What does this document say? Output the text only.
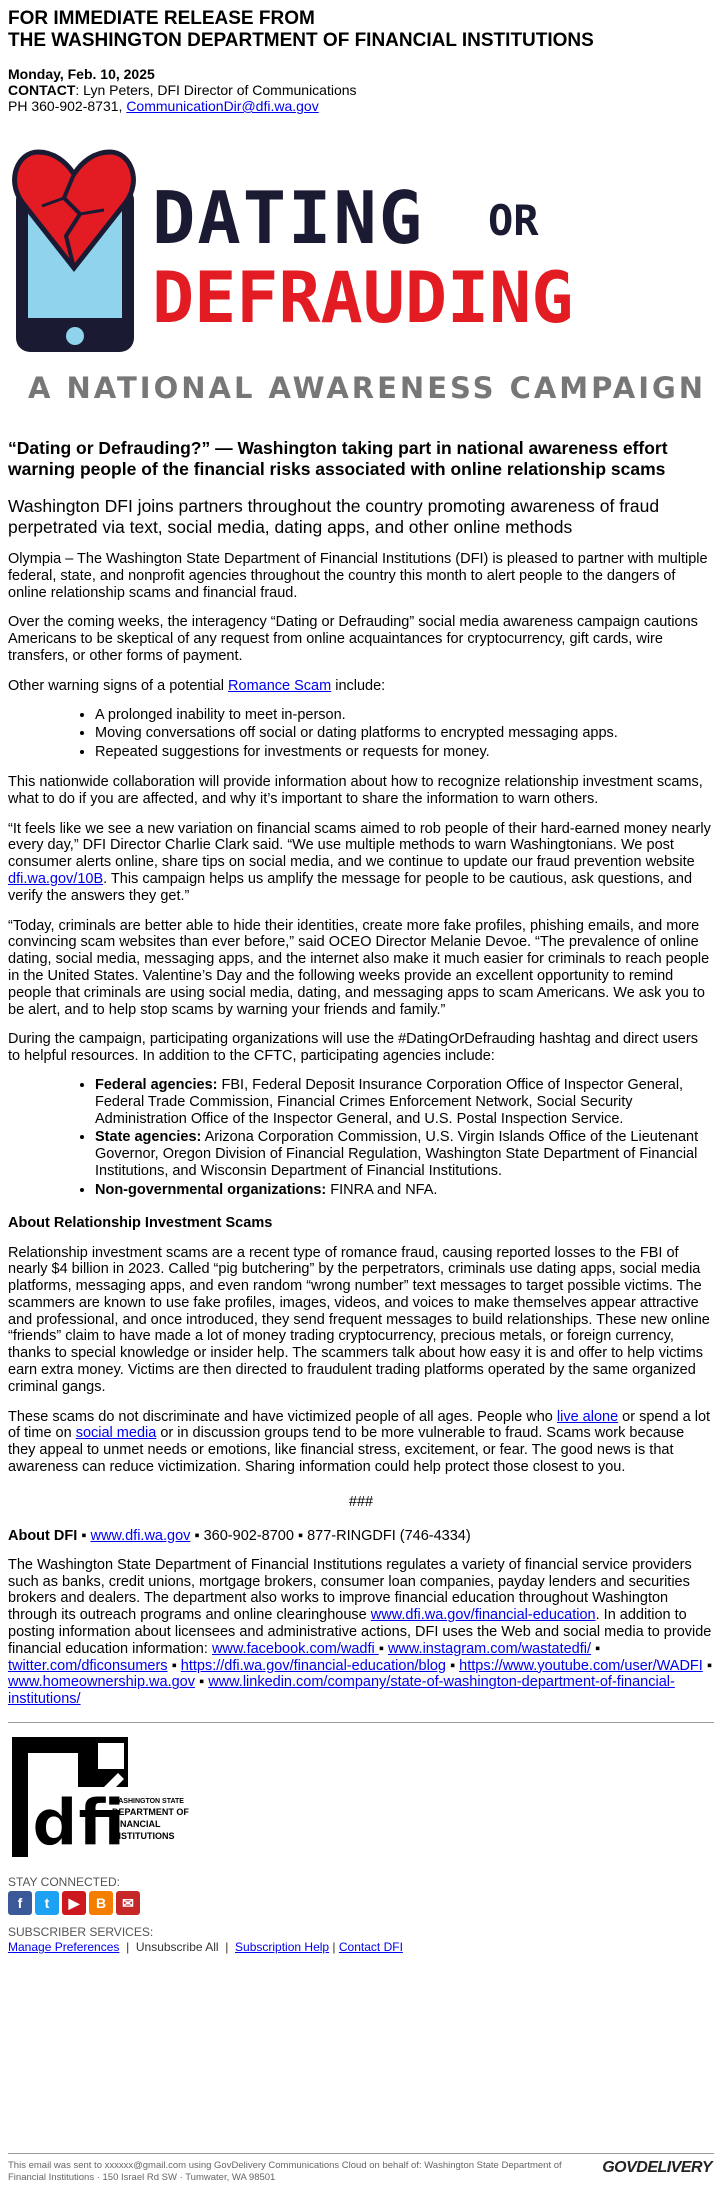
FOR IMMEDIATE RELEASE FROM
THE WASHINGTON DEPARTMENT OF FINANCIAL INSTITUTIONS
Monday, Feb. 10, 2025
CONTACT: Lyn Peters, DFI Director of Communications
PH 360-902-8731, CommunicationDir@dfi.wa.gov
DATING OR
DEFRAUDING
A NATIONAL AWARENESS CAMPAIGN
“Dating or Defrauding?” — Washington taking part in national awareness effort warning people of the financial risks associated with online relationship scams
Washington DFI joins partners throughout the country promoting awareness of fraud perpetrated via text, social media, dating apps, and other online methods

Olympia – The Washington State Department of Financial Institutions (DFI) is pleased to partner with multiple federal, state, and nonprofit agencies throughout the country this month to alert people to the dangers of online relationship scams and financial fraud.

Over the coming weeks, the interagency “Dating or Defrauding” social media awareness campaign cautions Americans to be skeptical of any request from online acquaintances for cryptocurrency, gift cards, wire transfers, or other forms of payment.

Other warning signs of a potential Romance Scam include:

• A prolonged inability to meet in-person.
• Moving conversations off social or dating platforms to encrypted messaging apps.
• Repeated suggestions for investments or requests for money.

This nationwide collaboration will provide information about how to recognize relationship investment scams, what to do if you are affected, and why it’s important to share the information to warn others.

“It feels like we see a new variation on financial scams aimed to rob people of their hard-earned money nearly every day,” DFI Director Charlie Clark said. “We use multiple methods to warn Washingtonians. We post consumer alerts online, share tips on social media, and we continue to update our fraud prevention website dfi.wa.gov/10B. This campaign helps us amplify the message for people to be cautious, ask questions, and verify the answers they get.”

“Today, criminals are better able to hide their identities, create more fake profiles, phishing emails, and more convincing scam websites than ever before,” said OCEO Director Melanie Devoe. “The prevalence of online dating, social media, messaging apps, and the internet also make it much easier for criminals to reach people in the United States. Valentine’s Day and the following weeks provide an excellent opportunity to remind people that criminals are using social media, dating, and messaging apps to scam Americans. We ask you to be alert, and to help stop scams by warning your friends and family.”

During the campaign, participating organizations will use the #DatingOrDefrauding hashtag and direct users to helpful resources. In addition to the CFTC, participating agencies include:

• Federal agencies: FBI, Federal Deposit Insurance Corporation Office of Inspector General, Federal Trade Commission, Financial Crimes Enforcement Network, Social Security Administration Office of the Inspector General, and U.S. Postal Inspection Service.
• State agencies: Arizona Corporation Commission, U.S. Virgin Islands Office of the Lieutenant Governor, Oregon Division of Financial Regulation, Washington State Department of Financial Institutions, and Wisconsin Department of Financial Institutions.
• Non-governmental organizations: FINRA and NFA.
About Relationship Investment Scams

Relationship investment scams are a recent type of romance fraud, causing reported losses to the FBI of nearly $4 billion in 2023. Called “pig butchering” by the perpetrators, criminals use dating apps, social media platforms, messaging apps, and even random “wrong number” text messages to target possible victims. The scammers are known to use fake profiles, images, videos, and voices to make themselves appear attractive and professional, and once introduced, they send frequent messages to build relationships. These new online “friends” claim to have made a lot of money trading cryptocurrency, precious metals, or foreign currency, thanks to special knowledge or insider help. The scammers talk about how easy it is and offer to help victims earn extra money. Victims are then directed to fraudulent trading platforms operated by the same organized criminal gangs.

These scams do not discriminate and have victimized people of all ages. People who live alone or spend a lot of time on social media or in discussion groups tend to be more vulnerable to fraud. Scams work because they appeal to unmet needs or emotions, like financial stress, excitement, or fear. The good news is that awareness can reduce victimization. Sharing information could help protect those closest to you.

###
About DFI ▪ www.dfi.wa.gov ▪ 360-902-8700 ▪ 877-RINGDFI (746-4334)

The Washington State Department of Financial Institutions regulates a variety of financial service providers such as banks, credit unions, mortgage brokers, consumer loan companies, payday lenders and securities brokers and dealers. The department also works to improve financial education throughout Washington through its outreach programs and online clearinghouse www.dfi.wa.gov/financial-education. In addition to posting information about licensees and administrative actions, DFI uses the Web and social media to provide financial education information: www.facebook.com/wadfi ▪ www.instagram.com/wastatedfi/ ▪ twitter.com/dficonsumers ▪ https://dfi.wa.gov/financial-education/blog ▪ https://www.youtube.com/user/WADFI ▪ www.homeownership.wa.gov ▪ www.linkedin.com/company/state-of-washington-department-of-financial-institutions/

dfi
WASHINGTON STATE
DEPARTMENT OF
FINANCIAL
INSTITUTIONS
STAY CONNECTED:
f	t	▶	B	✉
SUBSCRIBER SERVICES:
Manage Preferences  |  Unsubscribe All  |  Subscription Help | Contact DFI
This email was sent to xxxxxx@gmail.com using GovDelivery Communications Cloud on behalf of: Washington State Department of
Financial Institutions · 150 Israel Rd SW · Tumwater, WA 98501
GOVDELIVERY
